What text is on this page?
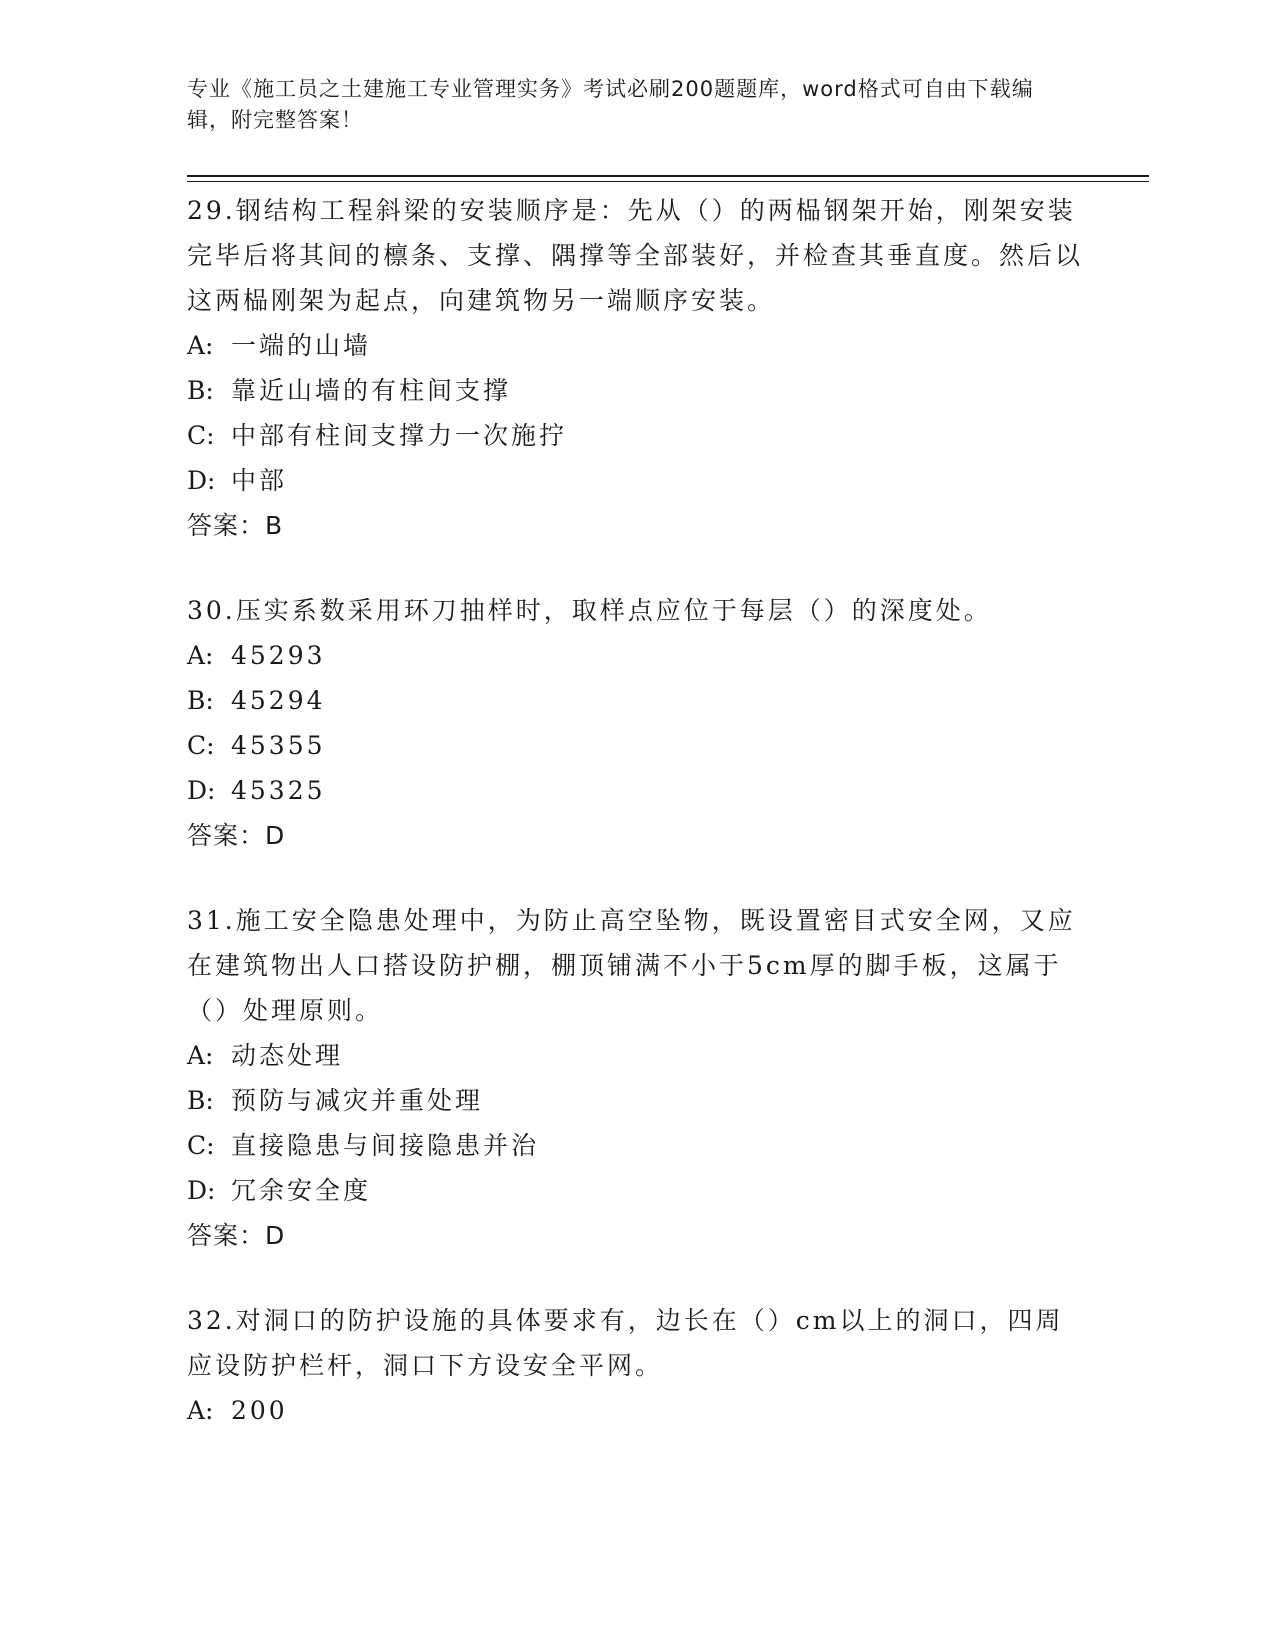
专业《施工员之土建施工专业管理实务》考试必刷200题题库，word格式可自由下载编辑，附完整答案！

29.钢结构工程斜梁的安装顺序是：先从（）的两榀钢架开始，刚架安装完毕后将其间的檩条、支撑、隅撑等全部装好，并检查其垂直度。然后以这两榀刚架为起点，向建筑物另一端顺序安装。

A: 一端的山墙

B: 靠近山墙的有柱间支撑

C: 中部有柱间支撑力一次施拧

D: 中部

答案：B

30.压实系数采用环刀抽样时，取样点应位于每层（）的深度处。

A: 45293

B: 45294

C: 45355

D: 45325

答案：D

31.施工安全隐患处理中，为防止高空坠物，既设置密目式安全网，又应在建筑物出人口搭设防护棚，棚顶铺满不小于5cm厚的脚手板，这属于（）处理原则。

A: 动态处理

B: 预防与减灾并重处理

C: 直接隐患与间接隐患并治

D: 冗余安全度

答案：D

32.对洞口的防护设施的具体要求有，边长在（）cm以上的洞口，四周应设防护栏杆，洞口下方设安全平网。

A: 200
